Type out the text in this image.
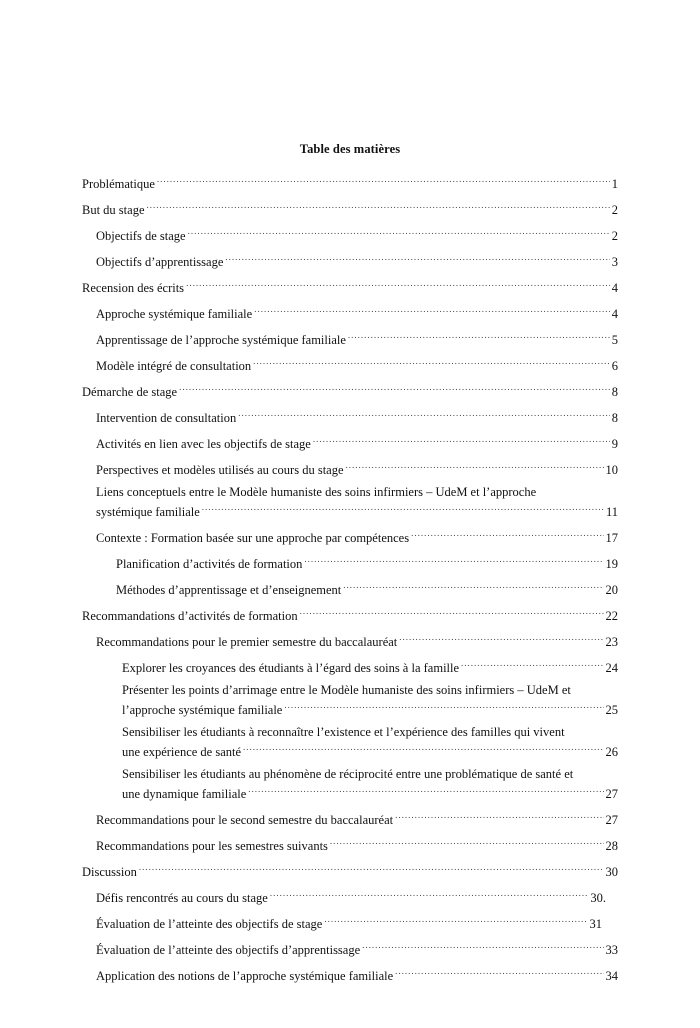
Table des matières
Problématique .....	1
But du stage .....	2
Objectifs de stage .....	2
Objectifs d’apprentissage .....	3
Recension des écrits .....	4
Approche systémique familiale .....	4
Apprentissage de l’approche systémique familiale .....	5
Modèle intégré de consultation .....	6
Démarche de stage .....	8
Intervention de consultation .....	8
Activités en lien avec les objectifs de stage .....	9
Perspectives et modèles utilisés au cours du stage .....	10
Liens conceptuels entre le Modèle humaniste des soins infirmiers – UdeM et l’approche
systémique familiale .....	11
Contexte : Formation basée sur une approche par compétences .....	17
Planification d’activités de formation .....	19
Méthodes d’apprentissage et d’enseignement .....	20
Recommandations d’activités de formation .....	22
Recommandations pour le premier semestre du baccalauréat .....	23
Explorer les croyances des étudiants à l’égard des soins à la famille .....	24
Présenter les points d’arrimage entre le Modèle humaniste des soins infirmiers – UdeM et
l’approche systémique familiale .....	25
Sensibiliser les étudiants à reconnaître l’existence et l’expérience des familles qui vivent
une expérience de santé .....	26
Sensibiliser les étudiants au phénomène de réciprocité entre une problématique de santé et
une dynamique familiale .....	27
Recommandations pour le second semestre du baccalauréat .....	27
Recommandations pour les semestres suivants .....	28
Discussion .....	30
Défis rencontrés au cours du stage .....	30.
Évaluation de l’atteinte des objectifs de stage .....	31
Évaluation de l’atteinte des objectifs d’apprentissage .....	33
Application des notions de l’approche systémique familiale .....	34
